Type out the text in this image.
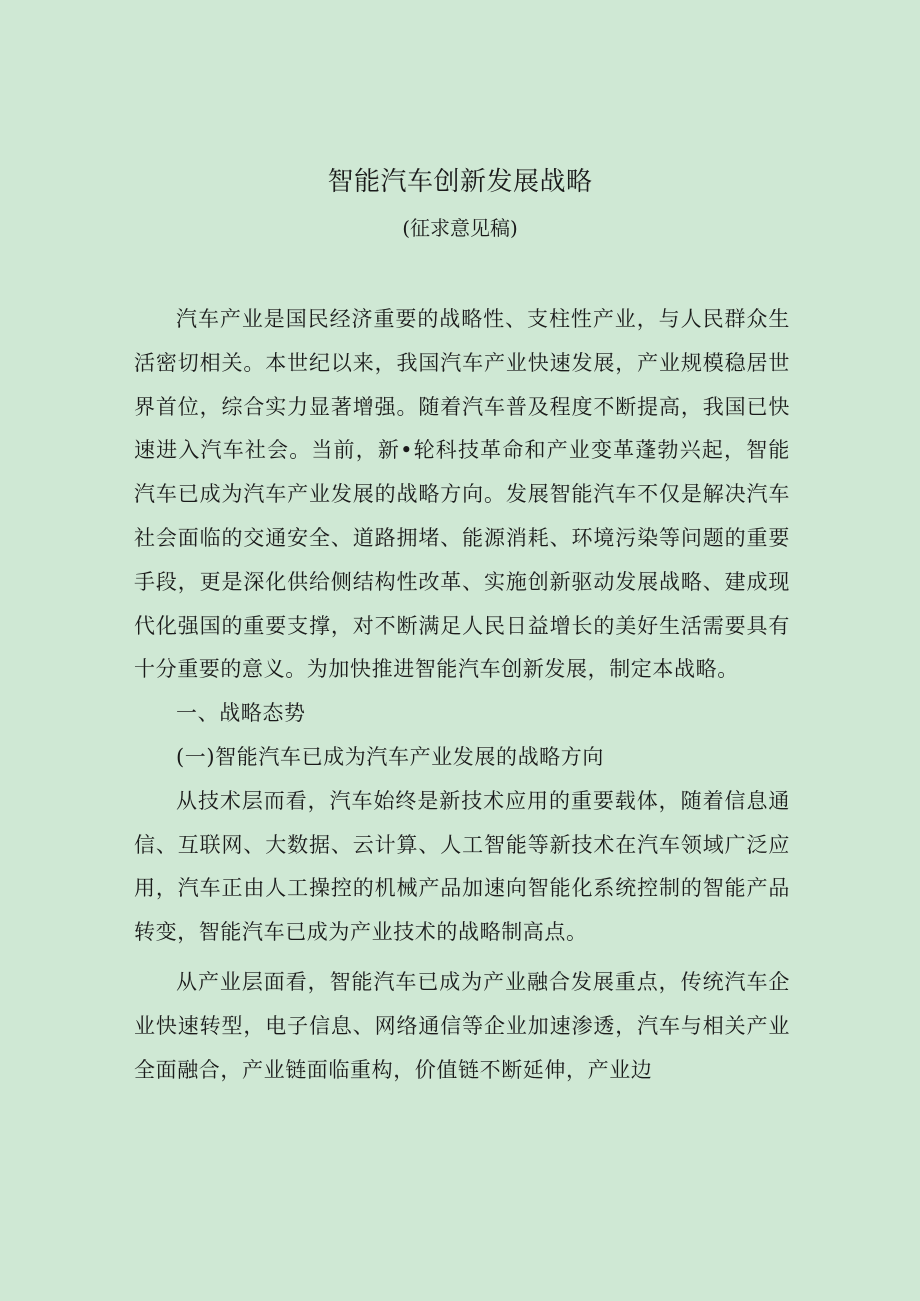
智能汽车创新发展战略
(征求意见稿)

汽车产业是国民经济重要的战略性、支柱性产业，与人民群众生活密切相关。本世纪以来，我国汽车产业快速发展，产业规模稳居世界首位，综合实力显著增强。随着汽车普及程度不断提高，我国已快速进入汽车社会。当前，新•轮科技革命和产业变革蓬勃兴起，智能汽车已成为汽车产业发展的战略方向。发展智能汽车不仅是解决汽车社会面临的交通安全、道路拥堵、能源消耗、环境污染等问题的重要手段，更是深化供给侧结构性改革、实施创新驱动发展战略、建成现代化强国的重要支撑，对不断满足人民日益增长的美好生活需要具有十分重要的意义。为加快推进智能汽车创新发展，制定本战略。

一、战略态势

(一)智能汽车已成为汽车产业发展的战略方向

从技术层而看，汽车始终是新技术应用的重要载体，随着信息通信、互联网、大数据、云计算、人工智能等新技术在汽车领域广泛应用，汽车正由人工操控的机械产品加速向智能化系统控制的智能产品转变，智能汽车已成为产业技术的战略制高点。

从产业层面看，智能汽车已成为产业融合发展重点，传统汽车企业快速转型，电子信息、网络通信等企业加速渗透，汽车与相关产业全面融合，产业链面临重构，价值链不断延伸，产业边
